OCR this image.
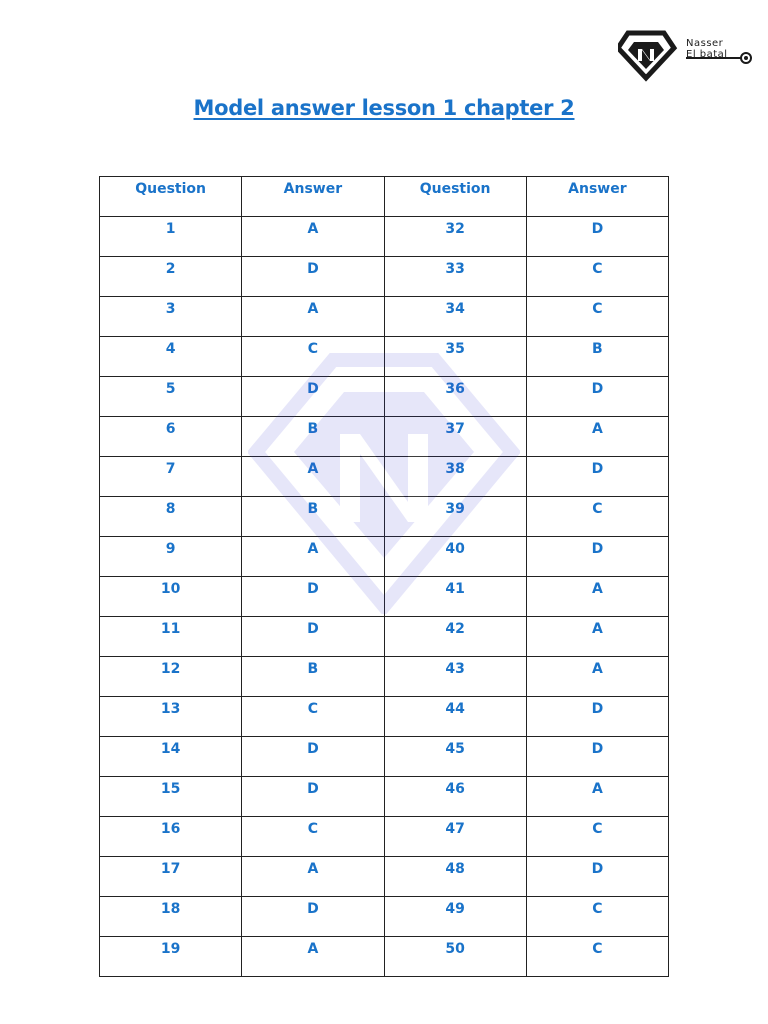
Nasser
El batal
Model answer lesson 1 chapter 2
Question	Answer	Question	Answer
1	A	32	D
2	D	33	C
3	A	34	C
4	C	35	B
5	D	36	D
6	B	37	A
7	A	38	D
8	B	39	C
9	A	40	D
10	D	41	A
11	D	42	A
12	B	43	A
13	C	44	D
14	D	45	D
15	D	46	A
16	C	47	C
17	A	48	D
18	D	49	C
19	A	50	C
